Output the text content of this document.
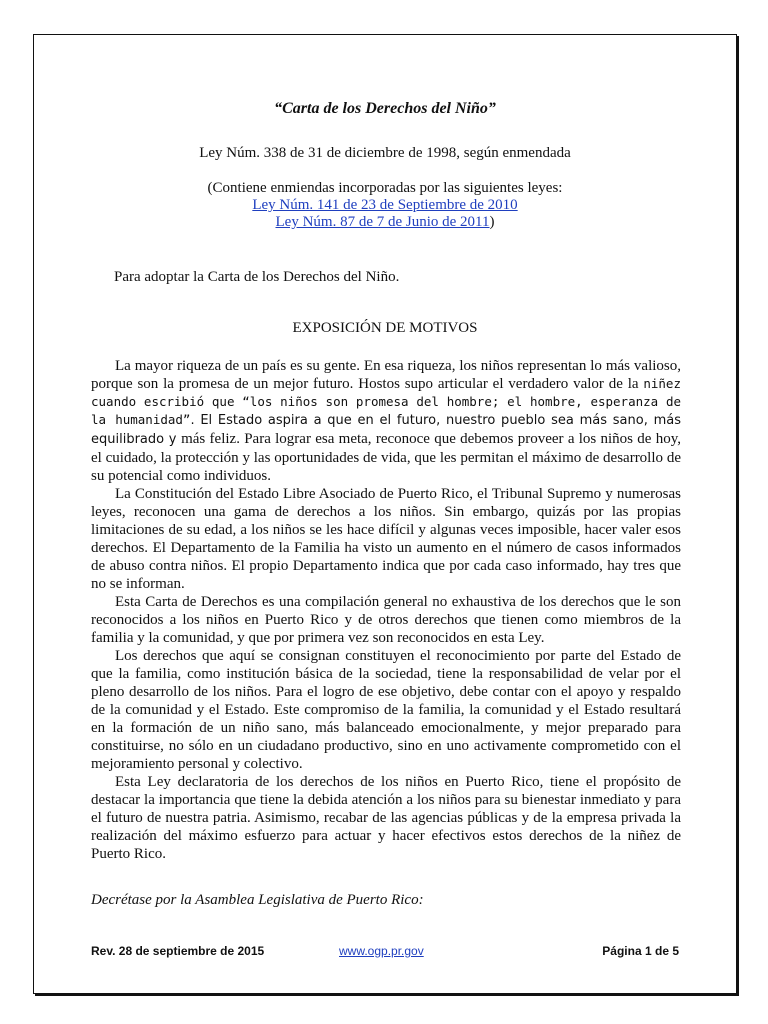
“Carta de los Derechos del Niño”
Ley Núm. 338 de 31 de diciembre de 1998, según enmendada
(Contiene enmiendas incorporadas por las siguientes leyes:
Ley Núm. 141 de 23 de Septiembre de 2010
Ley Núm. 87 de 7 de Junio de 2011)
Para adoptar la Carta de los Derechos del Niño.
EXPOSICIÓN DE MOTIVOS

La mayor riqueza de un país es su gente. En esa riqueza, los niños representan lo más valioso, porque son la promesa de un mejor futuro. Hostos supo articular el verdadero valor de la niñez cuando escribió que “los niños son promesa del hombre; el hombre, esperanza de la humanidad”. El Estado aspira a que en el futuro, nuestro pueblo sea más sano, más equilibrado y más feliz. Para lograr esa meta, reconoce que debemos proveer a los niños de hoy, el cuidado, la protección y las oportunidades de vida, que les permitan el máximo de desarrollo de su potencial como individuos.

La Constitución del Estado Libre Asociado de Puerto Rico, el Tribunal Supremo y numerosas leyes, reconocen una gama de derechos a los niños. Sin embargo, quizás por las propias limitaciones de su edad, a los niños se les hace difícil y algunas veces imposible, hacer valer esos derechos. El Departamento de la Familia ha visto un aumento en el número de casos informados de abuso contra niños. El propio Departamento indica que por cada caso informado, hay tres que no se informan.

Esta Carta de Derechos es una compilación general no exhaustiva de los derechos que le son reconocidos a los niños en Puerto Rico y de otros derechos que tienen como miembros de la familia y la comunidad, y que por primera vez son reconocidos en esta Ley.

Los derechos que aquí se consignan constituyen el reconocimiento por parte del Estado de que la familia, como institución básica de la sociedad, tiene la responsabilidad de velar por el pleno desarrollo de los niños. Para el logro de ese objetivo, debe contar con el apoyo y respaldo de la comunidad y el Estado. Este compromiso de la familia, la comunidad y el Estado resultará en la formación de un niño sano, más balanceado emocionalmente, y mejor preparado para constituirse, no sólo en un ciudadano productivo, sino en uno activamente comprometido con el mejoramiento personal y colectivo.

Esta Ley declaratoria de los derechos de los niños en Puerto Rico, tiene el propósito de destacar la importancia que tiene la debida atención a los niños para su bienestar inmediato y para el futuro de nuestra patria. Asimismo, recabar de las agencias públicas y de la empresa privada la realización del máximo esfuerzo para actuar y hacer efectivos estos derechos de la niñez de Puerto Rico.

Decrétase por la Asamblea Legislativa de Puerto Rico:
Rev. 28 de septiembre de 2015	www.ogp.pr.gov	Página 1 de 5
